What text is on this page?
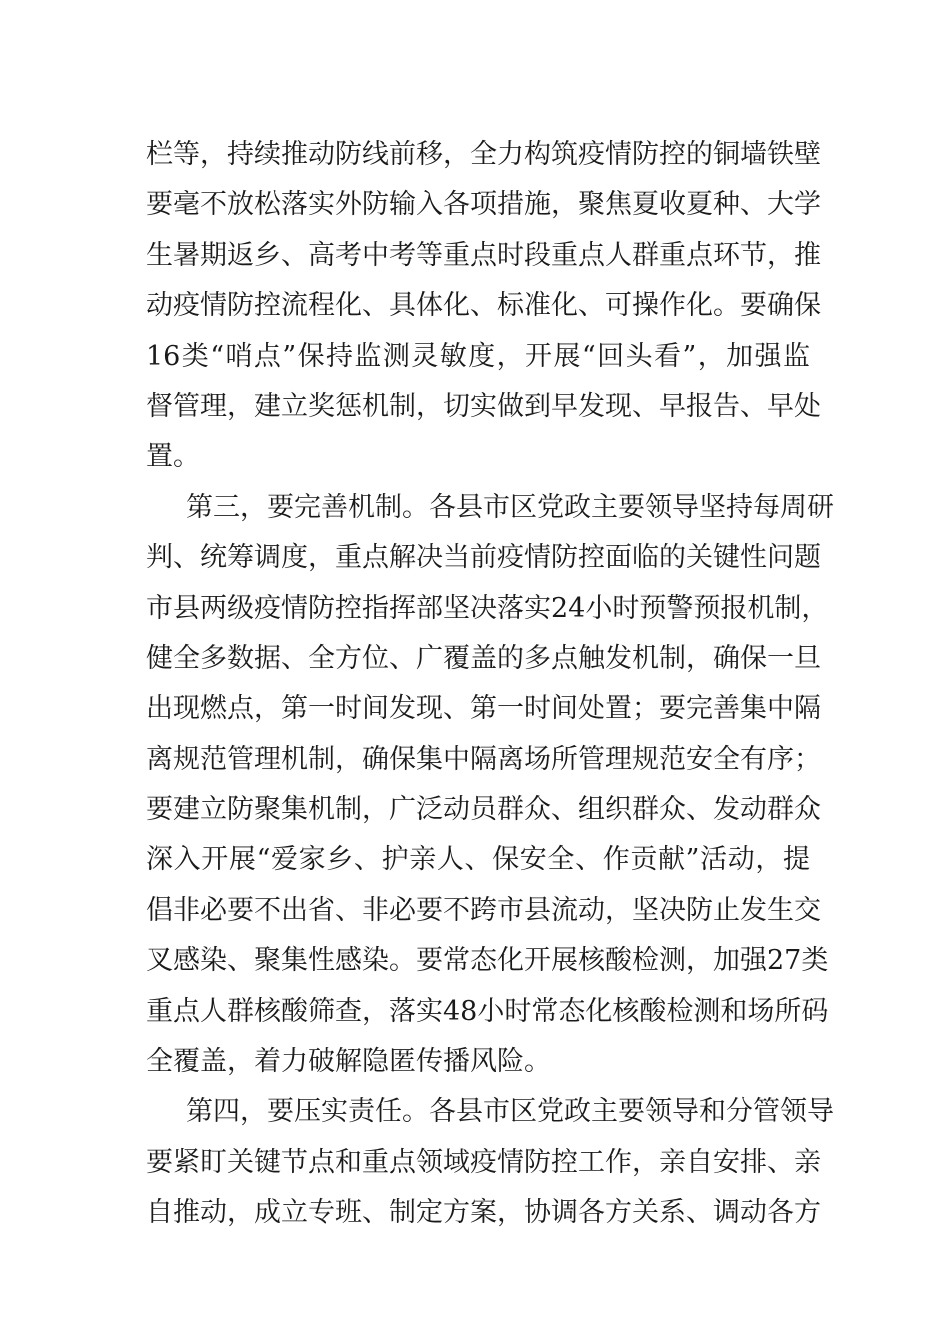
栏等，持续推动防线前移，全力构筑疫情防控的铜墙铁壁
要毫不放松落实外防输入各项措施，聚焦夏收夏种、大学
生暑期返乡、高考中考等重点时段重点人群重点环节，推
动疫情防控流程化、具体化、标准化、可操作化。要确保
16类“哨点”保持监测灵敏度，开展“回头看”，加强监
督管理，建立奖惩机制，切实做到早发现、早报告、早处
置。
第三，要完善机制。各县市区党政主要领导坚持每周研
判、统筹调度，重点解决当前疫情防控面临的关键性问题
市县两级疫情防控指挥部坚决落实24小时预警预报机制，
健全多数据、全方位、广覆盖的多点触发机制，确保一旦
出现燃点，第一时间发现、第一时间处置；要完善集中隔
离规范管理机制，确保集中隔离场所管理规范安全有序；
要建立防聚集机制，广泛动员群众、组织群众、发动群众
深入开展“爱家乡、护亲人、保安全、作贡献”活动，提
倡非必要不出省、非必要不跨市县流动，坚决防止发生交
叉感染、聚集性感染。要常态化开展核酸检测，加强27类
重点人群核酸筛查，落实48小时常态化核酸检测和场所码
全覆盖，着力破解隐匿传播风险。
第四，要压实责任。各县市区党政主要领导和分管领导
要紧盯关键节点和重点领域疫情防控工作，亲自安排、亲
自推动，成立专班、制定方案，协调各方关系、调动各方
